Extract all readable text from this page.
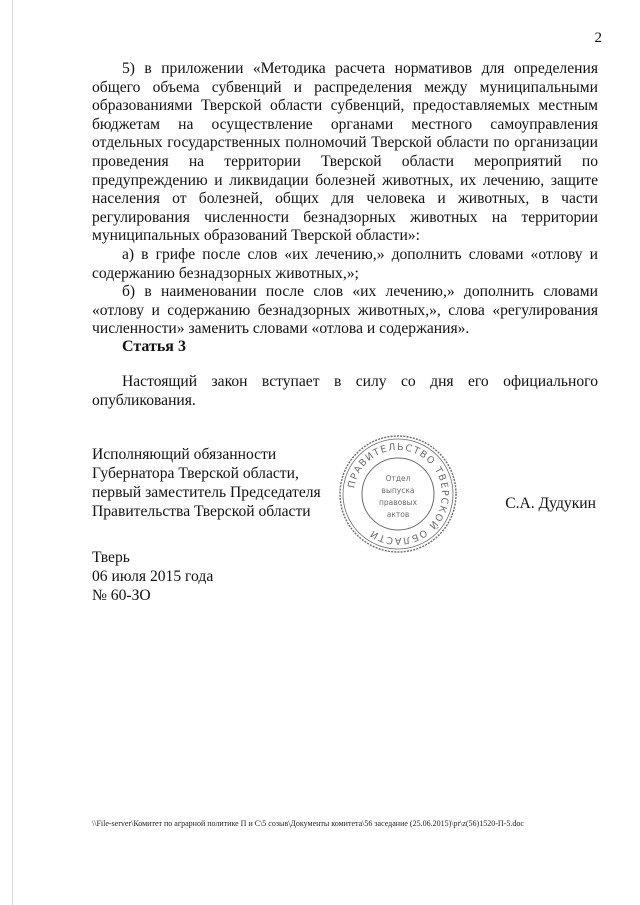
2

5) в приложении «Методика расчета нормативов для определения общего объема субвенций и распределения между муниципальными образованиями Тверской области субвенций, предоставляемых местным бюджетам на осуществление органами местного самоуправления отдельных государственных полномочий Тверской области по организации проведения на территории Тверской области мероприятий по предупреждению и ликвидации болезней животных, их лечению, защите населения от болезней, общих для человека и животных, в части регулирования численности безнадзорных животных на территории муниципальных образований Тверской области»:

а) в грифе после слов «их лечению,» дополнить словами «отлову и содержанию безнадзорных животных,»;

б) в наименовании после слов «их лечению,» дополнить словами «отлову и содержанию безнадзорных животных,», слова «регулирования численности» заменить словами «отлова и содержания».

Статья 3
Настоящий закон вступает в силу со дня его официального опубликования.
Исполняющий обязанности
Губернатора Тверской области,
первый заместитель Председателя
Правительства Тверской области
ПРАВИТЕЛЬСТВО ТВЕРСКОЙ ОБЛАСТИ
Отдел
выпуска
правовых
актов
С.А. Дудукин
Тверь
06 июля 2015 года
№ 60-ЗО
\\File-server\Комитет по аграрной политике П и С\5 созыв\Документы комитета\56 заседание (25.06.2015)\pr\z(56)1520-П-5.doc
